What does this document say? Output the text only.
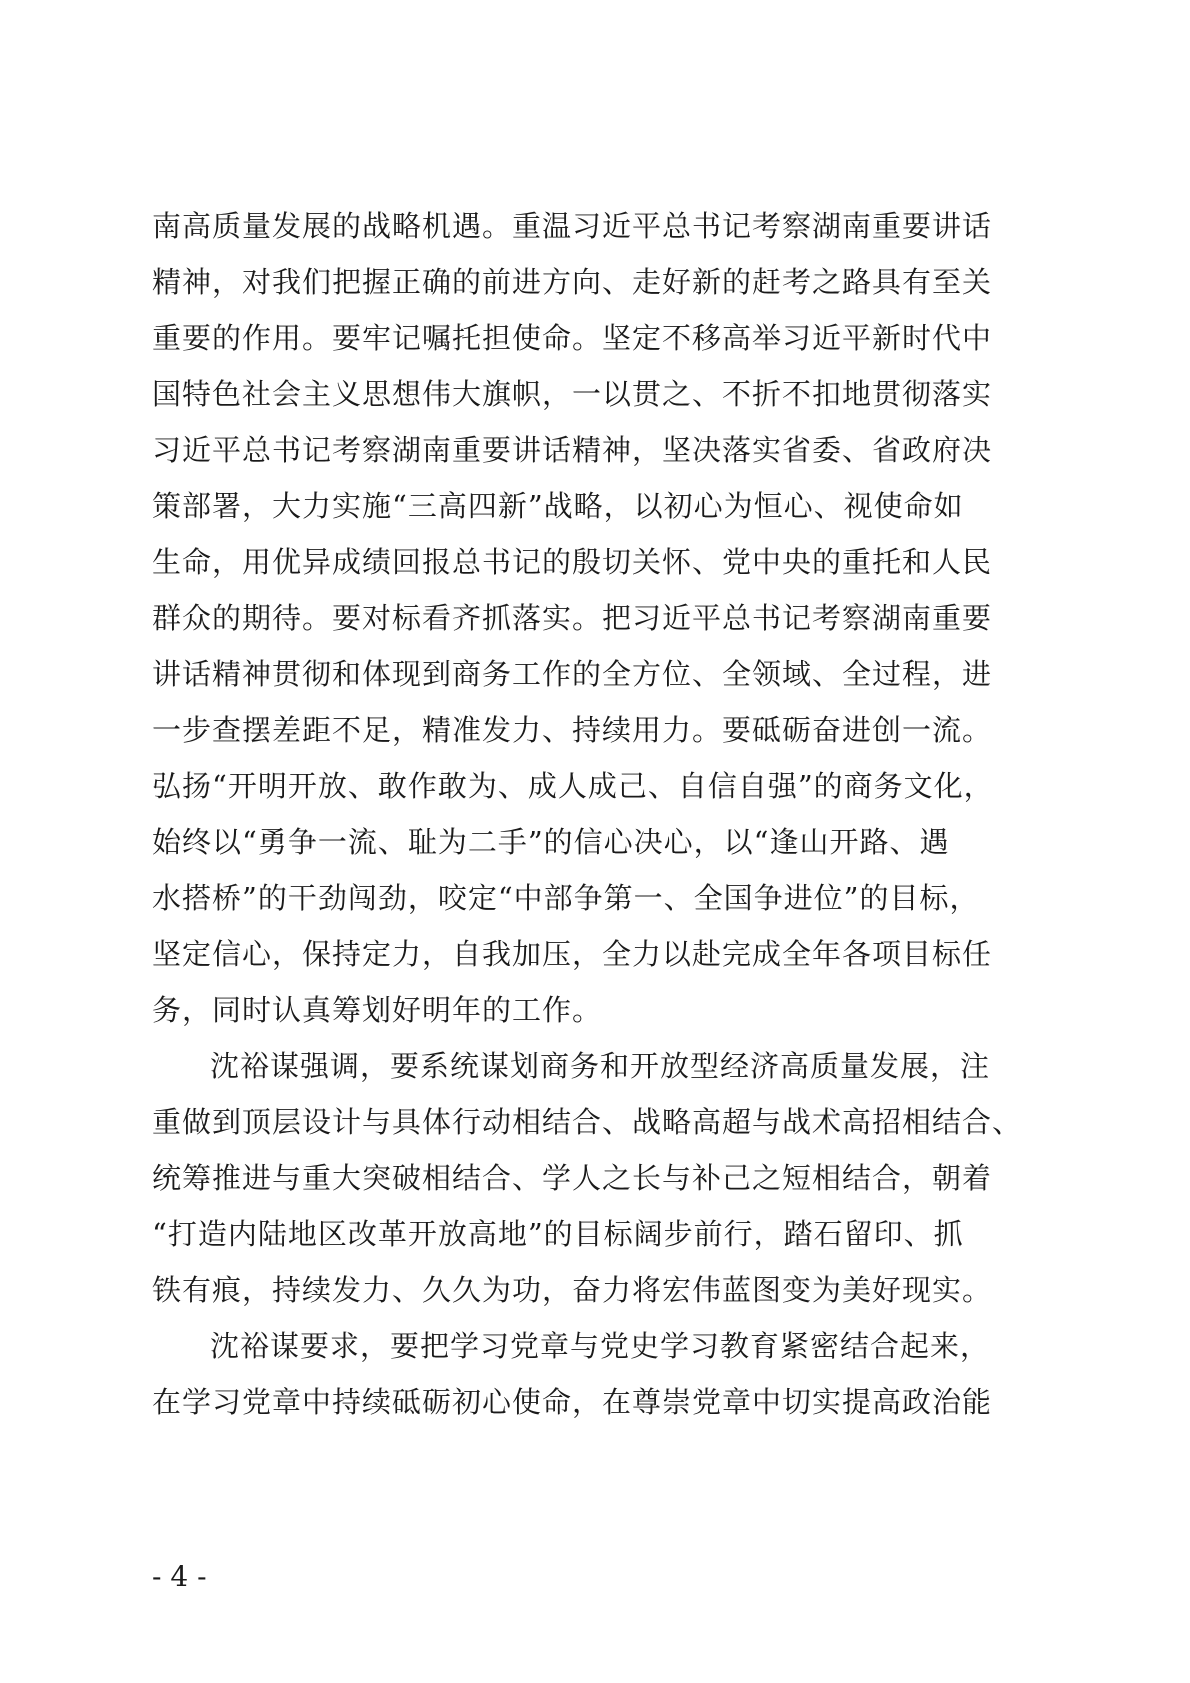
南高质量发展的战略机遇。重温习近平总书记考察湖南重要讲话
精神，对我们把握正确的前进方向、走好新的赶考之路具有至关
重要的作用。要牢记嘱托担使命。坚定不移高举习近平新时代中
国特色社会主义思想伟大旗帜，一以贯之、不折不扣地贯彻落实
习近平总书记考察湖南重要讲话精神，坚决落实省委、省政府决
策部署，大力实施“三高四新”战略，以初心为恒心、视使命如
生命，用优异成绩回报总书记的殷切关怀、党中央的重托和人民
群众的期待。要对标看齐抓落实。把习近平总书记考察湖南重要
讲话精神贯彻和体现到商务工作的全方位、全领域、全过程，进
一步查摆差距不足，精准发力、持续用力。要砥砺奋进创一流。
弘扬“开明开放、敢作敢为、成人成己、自信自强”的商务文化，
始终以“勇争一流、耻为二手”的信心决心，以“逢山开路、遇
水搭桥”的干劲闯劲，咬定“中部争第一、全国争进位”的目标，
坚定信心，保持定力，自我加压，全力以赴完成全年各项目标任
务，同时认真筹划好明年的工作。
沈裕谋强调，要系统谋划商务和开放型经济高质量发展，注
重做到顶层设计与具体行动相结合、战略高超与战术高招相结合、
统筹推进与重大突破相结合、学人之长与补己之短相结合，朝着
“打造内陆地区改革开放高地”的目标阔步前行，踏石留印、抓
铁有痕，持续发力、久久为功，奋力将宏伟蓝图变为美好现实。
沈裕谋要求，要把学习党章与党史学习教育紧密结合起来，
在学习党章中持续砥砺初心使命，在尊崇党章中切实提高政治能
- 4 -
